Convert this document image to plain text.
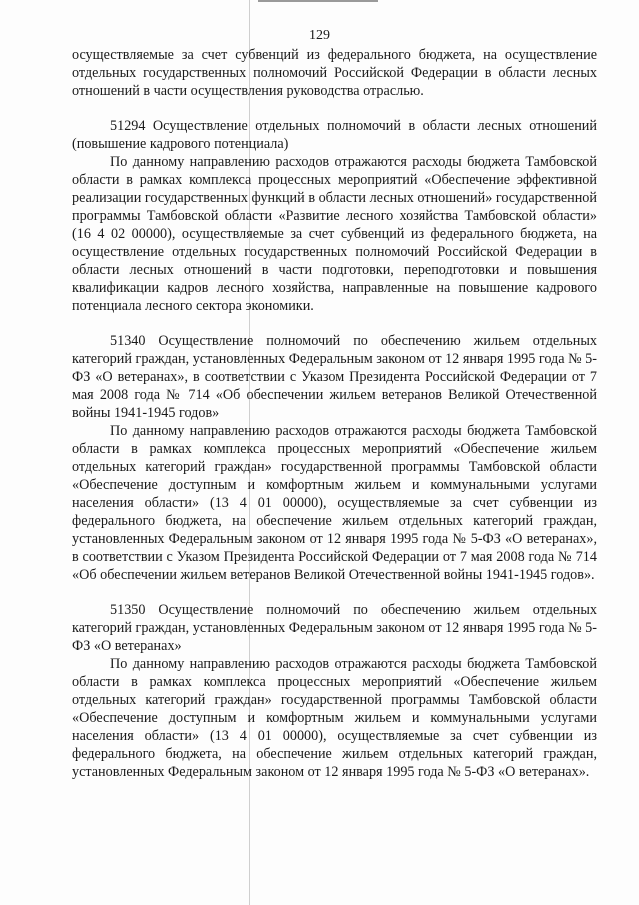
129

осуществляемые за счет субвенций из федерального бюджета, на осуществление отдельных государственных полномочий Российской Федерации в области лесных отношений в части осуществления руководства отраслью.

51294 Осуществление отдельных полномочий в области лесных отношений (повышение кадрового потенциала)

По данному направлению расходов отражаются расходы бюджета Тамбовской области в рамках комплекса процессных мероприятий «Обеспечение эффективной реализации государственных функций в области лесных отношений» государственной программы Тамбовской области «Развитие лесного хозяйства Тамбовской области» (16 4 02 00000), осуществляемые за счет субвенций из федерального бюджета, на осуществление отдельных государственных полномочий Российской Федерации в области лесных отношений в части подготовки, переподготовки и повышения квалификации кадров лесного хозяйства, направленные на повышение кадрового потенциала лесного сектора экономики.

51340 Осуществление полномочий по обеспечению жильем отдельных категорий граждан, установленных Федеральным законом от 12 января 1995 года № 5-ФЗ «О ветеранах», в соответствии с Указом Президента Российской Федерации от 7 мая 2008 года № 714 «Об обеспечении жильем ветеранов Великой Отечественной войны 1941-1945 годов»

По данному направлению расходов отражаются расходы бюджета Тамбовской области в рамках комплекса процессных мероприятий «Обеспечение жильем отдельных категорий граждан» государственной программы Тамбовской области «Обеспечение доступным и комфортным жильем и коммунальными услугами населения области» (13 4 01 00000), осуществляемые за счет субвенции из федерального бюджета, на обеспечение жильем отдельных категорий граждан, установленных Федеральным законом от 12 января 1995 года № 5-ФЗ «О ветеранах», в соответствии с Указом Президента Российской Федерации от 7 мая 2008 года № 714 «Об обеспечении жильем ветеранов Великой Отечественной войны 1941-1945 годов».

51350 Осуществление полномочий по обеспечению жильем отдельных категорий граждан, установленных Федеральным законом от 12 января 1995 года № 5-ФЗ «О ветеранах»

По данному направлению расходов отражаются расходы бюджета Тамбовской области в рамках комплекса процессных мероприятий «Обеспечение жильем отдельных категорий граждан» государственной программы Тамбовской области «Обеспечение доступным и комфортным жильем и коммунальными услугами населения области» (13 4 01 00000), осуществляемые за счет субвенции из федерального бюджета, на обеспечение жильем отдельных категорий граждан, установленных Федеральным законом от 12 января 1995 года № 5-ФЗ «О ветеранах».
